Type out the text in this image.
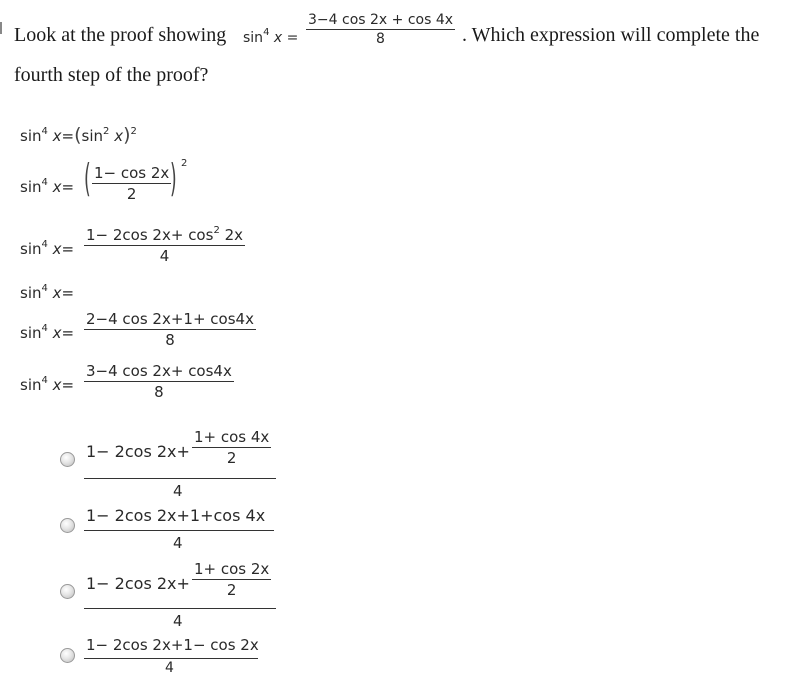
Look at the proof showing $\sin^4 x$ =
3−4 cos 2x + cos 4x
8	. Which expression will complete the
fourth step of the proof?
$\sin^4 x=(\sin^2$ x)$^2$
$\sin^4 x=$ ( 1− cos 2x
2 ) 2
$\sin^4 x=$
1− 2cos $2x+ \cos^2 2x$
4
$\sin^4 x=$
$\sin^4 x=$
2−4 cos 2x+1+ cos4x
8
$\sin^4 x=$
3−4 cos 2x+ cos4x
8
1− 2cos 2x+
1+ cos 4x
2
4
1− 2cos 2x+1+cos 4x
4
1− 2cos 2x+
1+ cos 2x
2
4
1− 2cos 2x+1− cos 2x
4
